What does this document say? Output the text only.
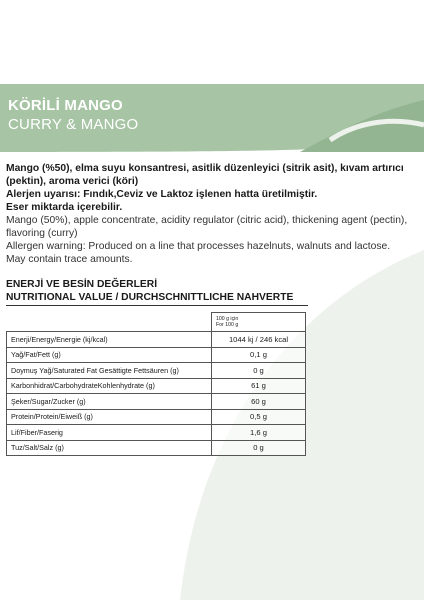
KÖRİLİ MANGO
CURRY & MANGO
Mango (%50), elma suyu konsantresi, asitlik düzenleyici (sitrik asit), kıvam artırıcı (pektin), aroma verici (köri)
Alerjen uyarısı: Fındık,Ceviz ve Laktoz işlenen hatta üretilmiştir.
Eser miktarda içerebilir.
Mango (50%), apple concentrate, acidity regulator (citric acid), thickening agent (pectin), flavoring (curry)
Allergen warning: Produced on a line that processes hazelnuts, walnuts and lactose.
May contain trace amounts.
ENERJİ VE BESİN DEĞERLERİ
NUTRITIONAL VALUE / DURCHSCHNITTLICHE NAHVERTE

	100 g için
For 100 g

Enerji/Energy/Energie (kj/kcal)	1044 kj / 246 kcal
Yağ/Fat/Fett (g)	0,1 g
Doymuş Yağ/Saturated Fat Gesättigte Fettsäuren (g)	0 g
Karbonhidrat/CarbohydrateKohlenhydrate (g)	61 g
Şeker/Sugar/Zucker (g)	60 g
Protein/Protein/Eiweiß (g)	0,5 g
Lif/Fiber/Faserig	1,6 g
Tuz/Salt/Salz (g)	0 g
